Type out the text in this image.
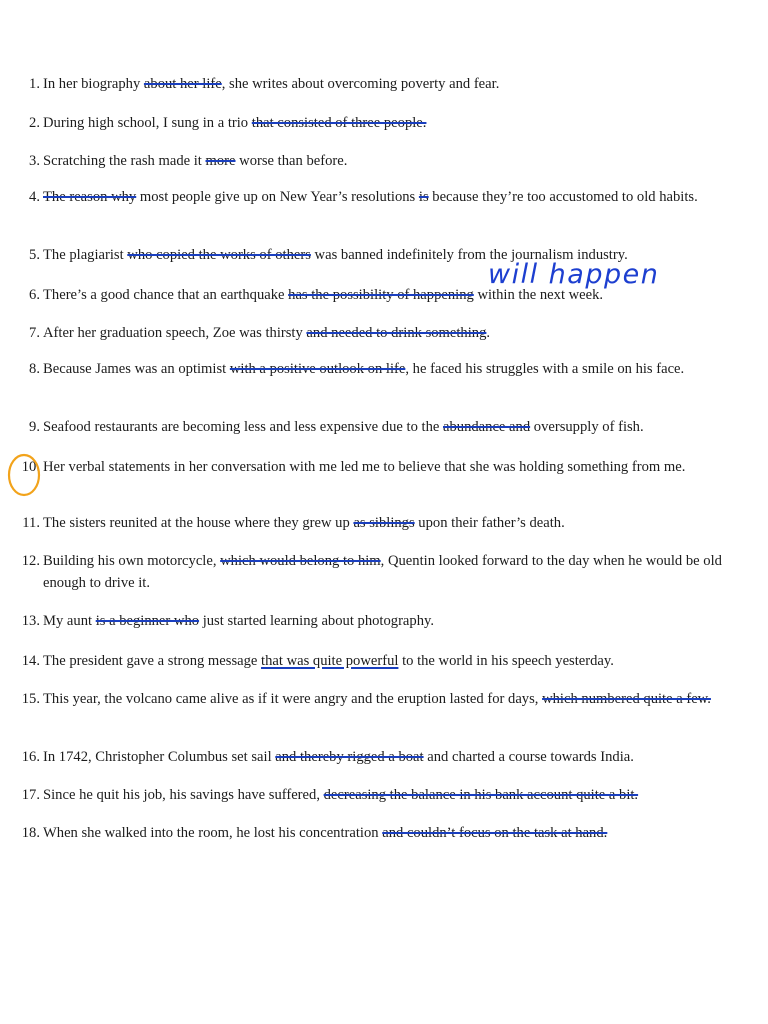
1. In her biography about her life, she writes about overcoming poverty and fear.
2. During high school, I sung in a trio that consisted of three people.
3. Scratching the rash made it more worse than before.
4. The reason why most people give up on New Year’s resolutions is because they’re too accustomed to old habits.
5. The plagiarist who copied the works of others was banned indefinitely from the journalism industry.
6. There’s a good chance that an earthquake has the possibility of happening within the next week.
7. After her graduation speech, Zoe was thirsty and needed to drink something.
8. Because James was an optimist with a positive outlook on life, he faced his struggles with a smile on his face.
9. Seafood restaurants are becoming less and less expensive due to the abundance and oversupply of fish.
10. Her verbal statements in her conversation with me led me to believe that she was holding something from me.
11. The sisters reunited at the house where they grew up as siblings upon their father’s death.
12. Building his own motorcycle, which would belong to him, Quentin looked forward to the day when he would be old enough to drive it.
13. My aunt is a beginner who just started learning about photography.
14. The president gave a strong message that was quite powerful to the world in his speech yesterday.
15. This year, the volcano came alive as if it were angry and the eruption lasted for days, which numbered quite a few.
16. In 1742, Christopher Columbus set sail and thereby rigged a boat and charted a course towards India.
17. Since he quit his job, his savings have suffered, decreasing the balance in his bank account quite a bit.
18. When she walked into the room, he lost his concentration and couldn’t focus on the task at hand.
will happen
